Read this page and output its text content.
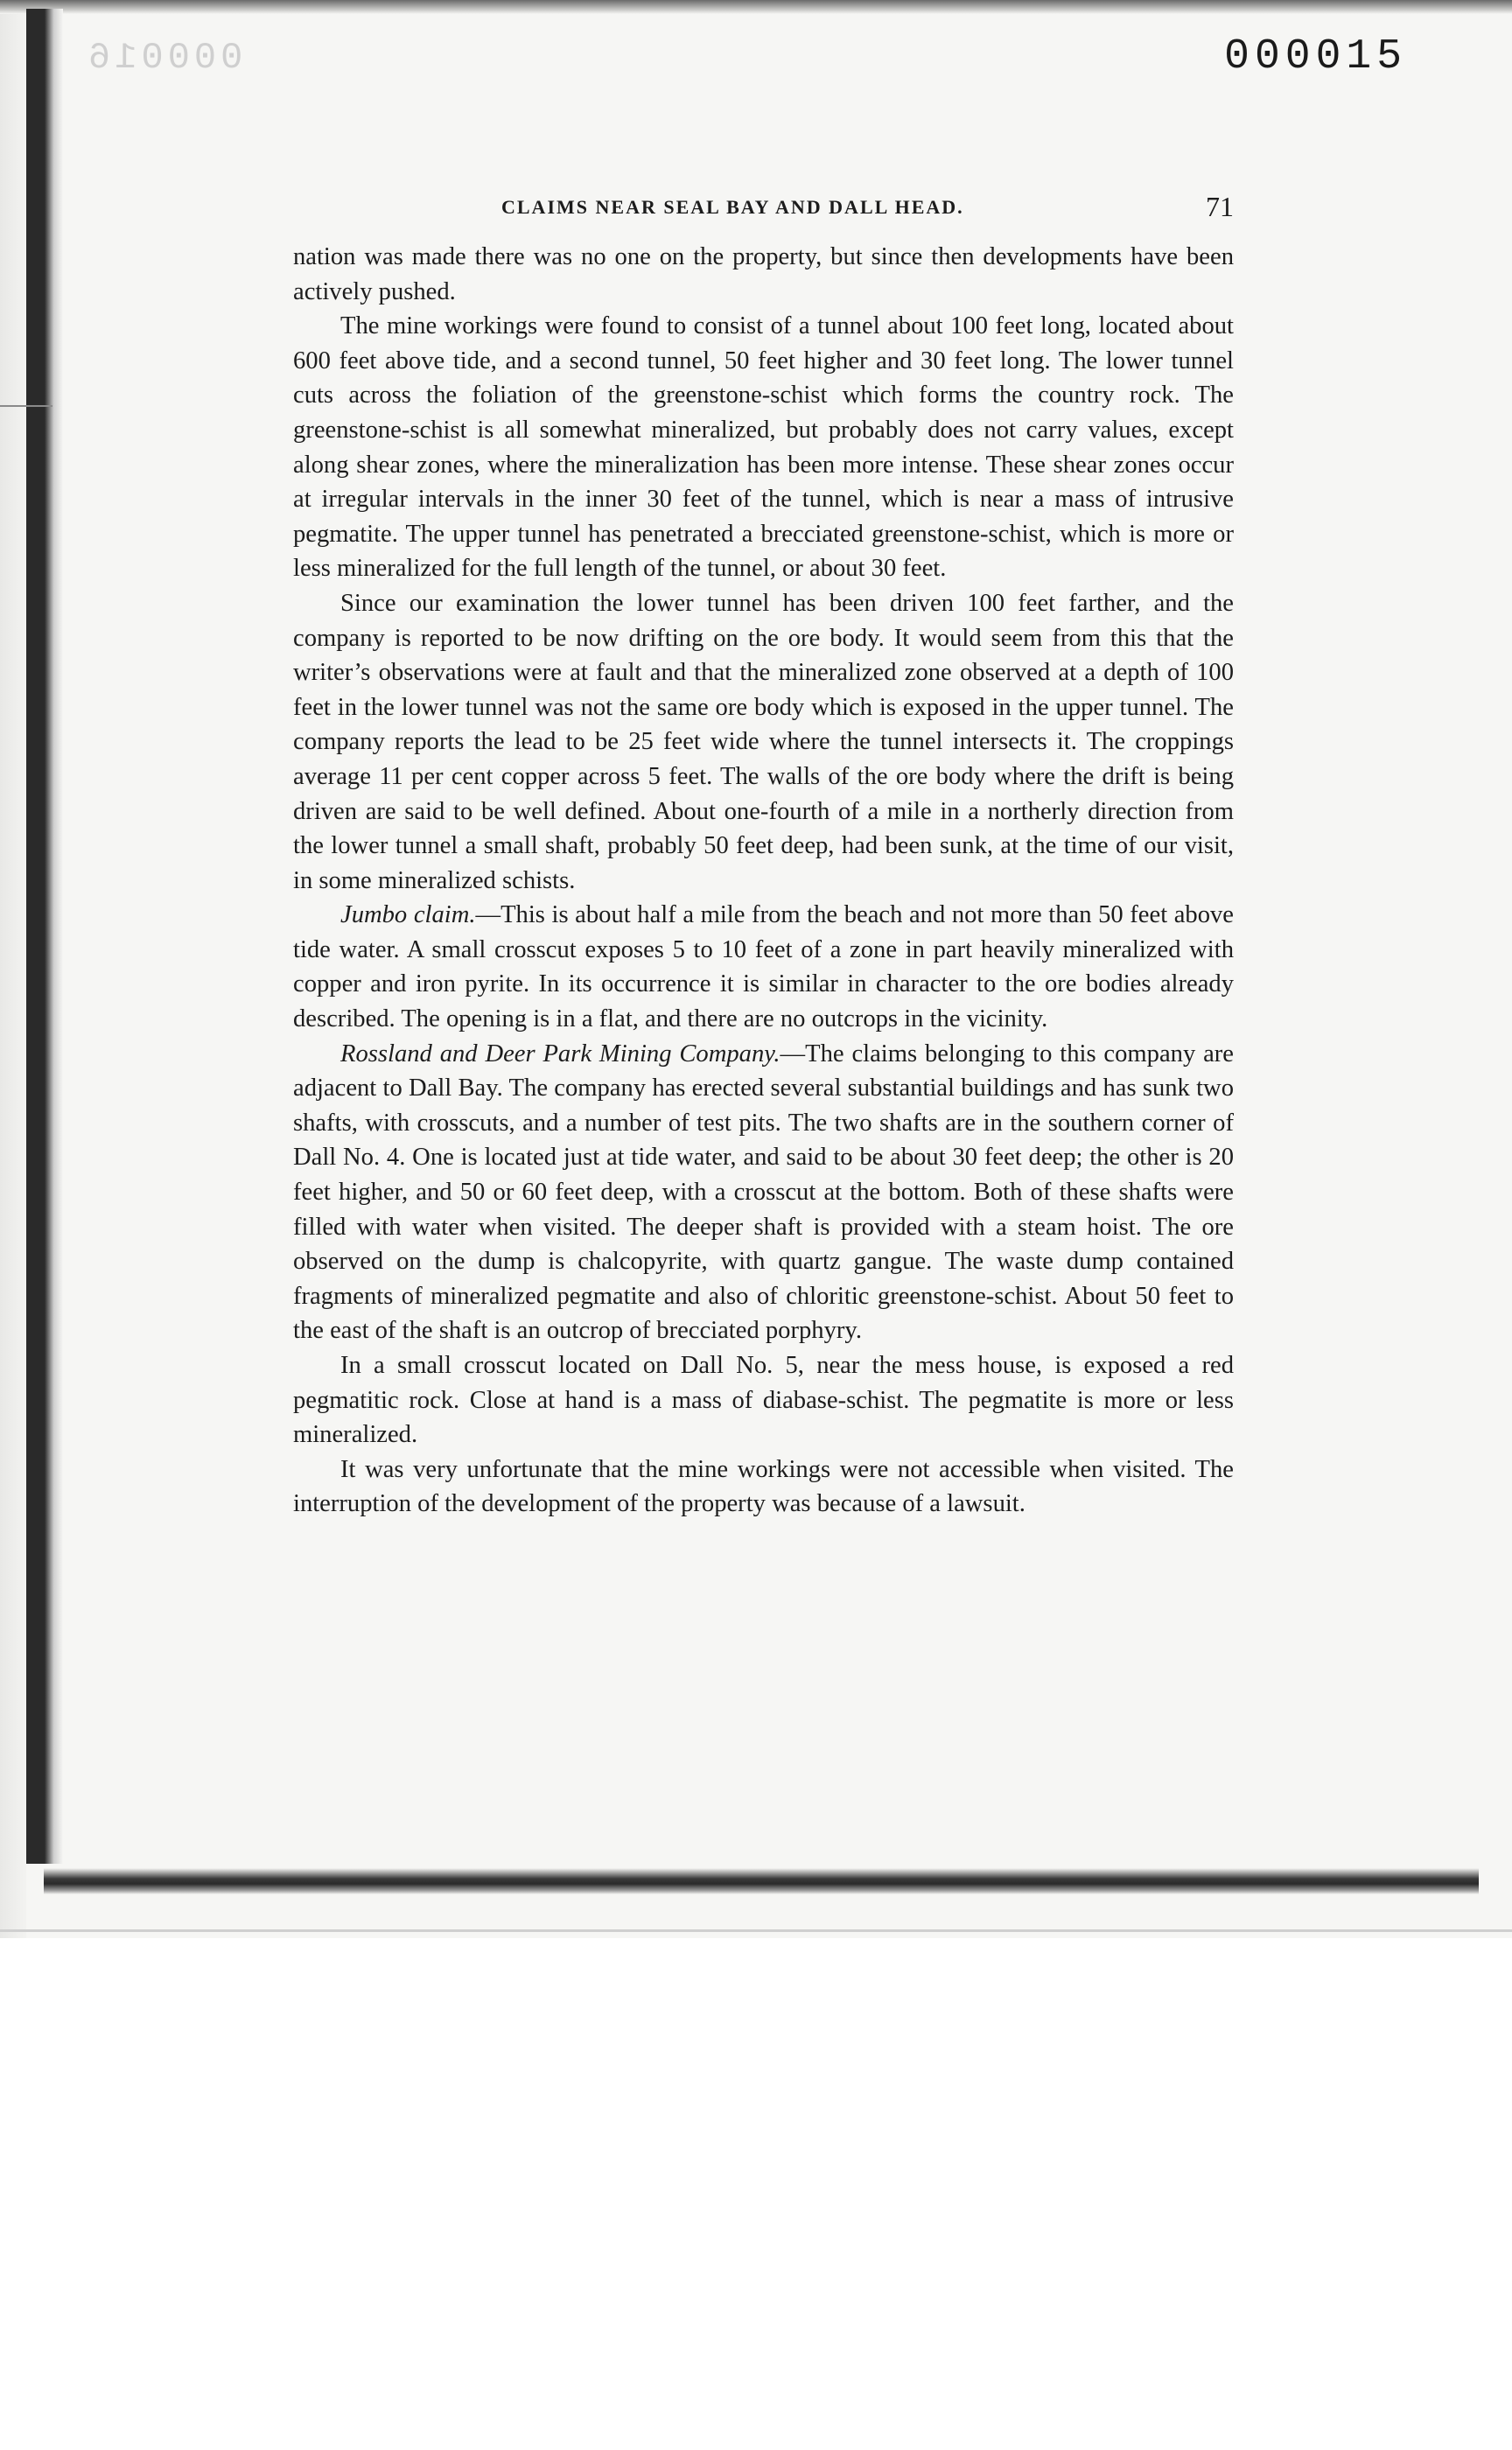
000016	000015
CLAIMS NEAR SEAL BAY AND DALL HEAD.	71

nation was made there was no one on the property, but since then developments have been actively pushed.

The mine workings were found to consist of a tunnel about 100 feet long, located about 600 feet above tide, and a second tunnel, 50 feet higher and 30 feet long. The lower tunnel cuts across the foliation of the greenstone-schist which forms the country rock. The greenstone-schist is all somewhat mineralized, but probably does not carry values, except along shear zones, where the mineralization has been more intense. These shear zones occur at irregular intervals in the inner 30 feet of the tunnel, which is near a mass of intrusive pegmatite. The upper tunnel has penetrated a brecciated greenstone-schist, which is more or less mineralized for the full length of the tunnel, or about 30 feet.

Since our examination the lower tunnel has been driven 100 feet farther, and the company is reported to be now drifting on the ore body. It would seem from this that the writer’s observations were at fault and that the mineralized zone observed at a depth of 100 feet in the lower tunnel was not the same ore body which is exposed in the upper tunnel. The company reports the lead to be 25 feet wide where the tunnel intersects it. The croppings average 11 per cent copper across 5 feet. The walls of the ore body where the drift is being driven are said to be well defined. About one-fourth of a mile in a northerly direction from the lower tunnel a small shaft, probably 50 feet deep, had been sunk, at the time of our visit, in some mineralized schists.

Jumbo claim.—This is about half a mile from the beach and not more than 50 feet above tide water. A small crosscut exposes 5 to 10 feet of a zone in part heavily mineralized with copper and iron pyrite. In its occurrence it is similar in character to the ore bodies already described. The opening is in a flat, and there are no outcrops in the vicinity.

Rossland and Deer Park Mining Company.—The claims belonging to this company are adjacent to Dall Bay. The company has erected several substantial buildings and has sunk two shafts, with crosscuts, and a number of test pits. The two shafts are in the southern corner of Dall No. 4. One is located just at tide water, and said to be about 30 feet deep; the other is 20 feet higher, and 50 or 60 feet deep, with a crosscut at the bottom. Both of these shafts were filled with water when visited. The deeper shaft is provided with a steam hoist. The ore observed on the dump is chalcopyrite, with quartz gangue. The waste dump contained fragments of mineralized pegmatite and also of chloritic greenstone-schist. About 50 feet to the east of the shaft is an outcrop of brecciated porphyry.

In a small crosscut located on Dall No. 5, near the mess house, is exposed a red pegmatitic rock. Close at hand is a mass of diabase-schist. The pegmatite is more or less mineralized.

It was very unfortunate that the mine workings were not accessible when visited. The interruption of the development of the property was because of a lawsuit.
